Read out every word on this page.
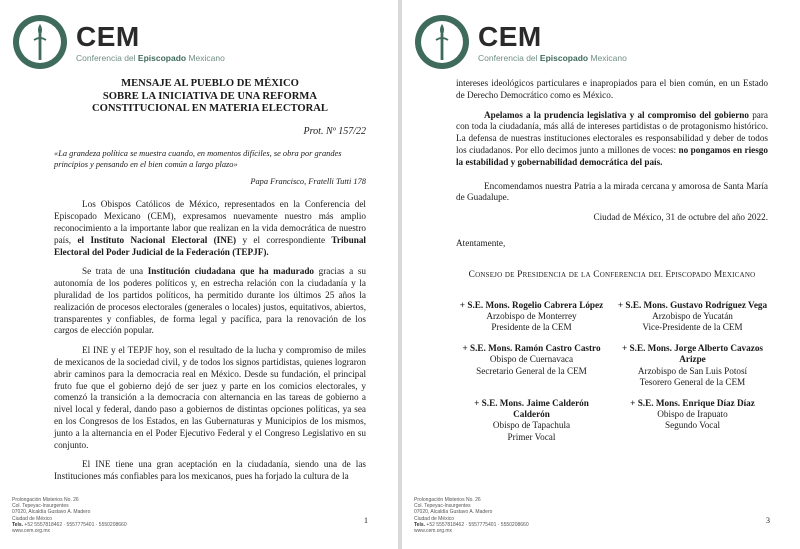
CEM
Conferencia del Episcopado Mexicano
MENSAJE AL PUEBLO DE MÉXICO
SOBRE LA INICIATIVA DE UNA REFORMA
CONSTITUCIONAL EN MATERIA ELECTORAL
Prot. Nº 157/22
«La grandeza política se muestra cuando, en momentos difíciles, se obra por grandes principios y pensando en el bien común a largo plazo»
Papa Francisco, Fratelli Tutti 178

Los Obispos Católicos de México, representados en la Conferencia del Episcopado Mexicano (CEM), expresamos nuevamente nuestro más amplio reconocimiento a la importante labor que realizan en la vida democrática de nuestro país, el Instituto Nacional Electoral (INE) y el correspondiente Tribunal Electoral del Poder Judicial de la Federación (TEPJF).

Se trata de una Institución ciudadana que ha madurado gracias a su autonomía de los poderes políticos y, en estrecha relación con la ciudadanía y la pluralidad de los partidos políticos, ha permitido durante los últimos 25 años la realización de procesos electorales (generales o locales) justos, equitativos, abiertos, transparentes y confiables, de forma legal y pacífica, para la renovación de los cargos de elección popular.

El INE y el TEPJF hoy, son el resultado de la lucha y compromiso de miles de mexicanos de la sociedad civil, y de todos los signos partidistas, quienes lograron abrir caminos para la democracia real en México. Desde su fundación, el principal fruto fue que el gobierno dejó de ser juez y parte en los comicios electorales, y comenzó la transición a la democracia con alternancia en las tareas de gobierno a nivel local y federal, dando paso a gobiernos de distintas opciones políticas, ya sea en los Congresos de los Estados, en las Gubernaturas y Municipios de los mismos, junto a la alternancia en el Poder Ejecutivo Federal y el Congreso Legislativo en su conjunto.

El INE tiene una gran aceptación en la ciudadanía, siendo una de las Instituciones más confiables para los mexicanos, pues ha forjado la cultura de la

Prolongación Misterios No. 26
Col. Tepeyac-Insurgentes
07020, Alcaldía Gustavo A. Madero
Ciudad de México
Tels. +52 5557818462 · 5557775401 · 5550208660
www.cem.org.mx
1
CEM
Conferencia del Episcopado Mexicano

intereses ideológicos particulares e inapropiados para el bien común, en un Estado de Derecho Democrático como es México.

Apelamos a la prudencia legislativa y al compromiso del gobierno para con toda la ciudadanía, más allá de intereses partidistas o de protagonismo histórico. La defensa de nuestras instituciones electorales es responsabilidad y deber de todos los ciudadanos. Por ello decimos junto a millones de voces: no pongamos en riesgo la estabilidad y gobernabilidad democrática del país.

Encomendamos nuestra Patria a la mirada cercana y amorosa de Santa María de Guadalupe.

Ciudad de México, 31 de octubre del año 2022.
Atentamente,
Consejo de Presidencia de la Conferencia del Episcopado Mexicano
+ S.E. Mons. Rogelio Cabrera López
Arzobispo de Monterrey
Presidente de la CEM
+ S.E. Mons. Gustavo Rodríguez Vega
Arzobispo de Yucatán
Vice-Presidente de la CEM
+ S.E. Mons. Ramón Castro Castro
Obispo de Cuernavaca
Secretario General de la CEM
+ S.E. Mons. Jorge Alberto Cavazos Arizpe
Arzobispo de San Luis Potosí
Tesorero General de la CEM
+ S.E. Mons. Jaime Calderón Calderón
Obispo de Tapachula
Primer Vocal
+ S.E. Mons. Enrique Díaz Díaz
Obispo de Irapuato
Segundo Vocal
Prolongación Misterios No. 26
Col. Tepeyac-Insurgentes
07020, Alcaldía Gustavo A. Madero
Ciudad de México
Tels. +52 5557818462 · 5557775401 · 5550208660
www.cem.org.mx
3
